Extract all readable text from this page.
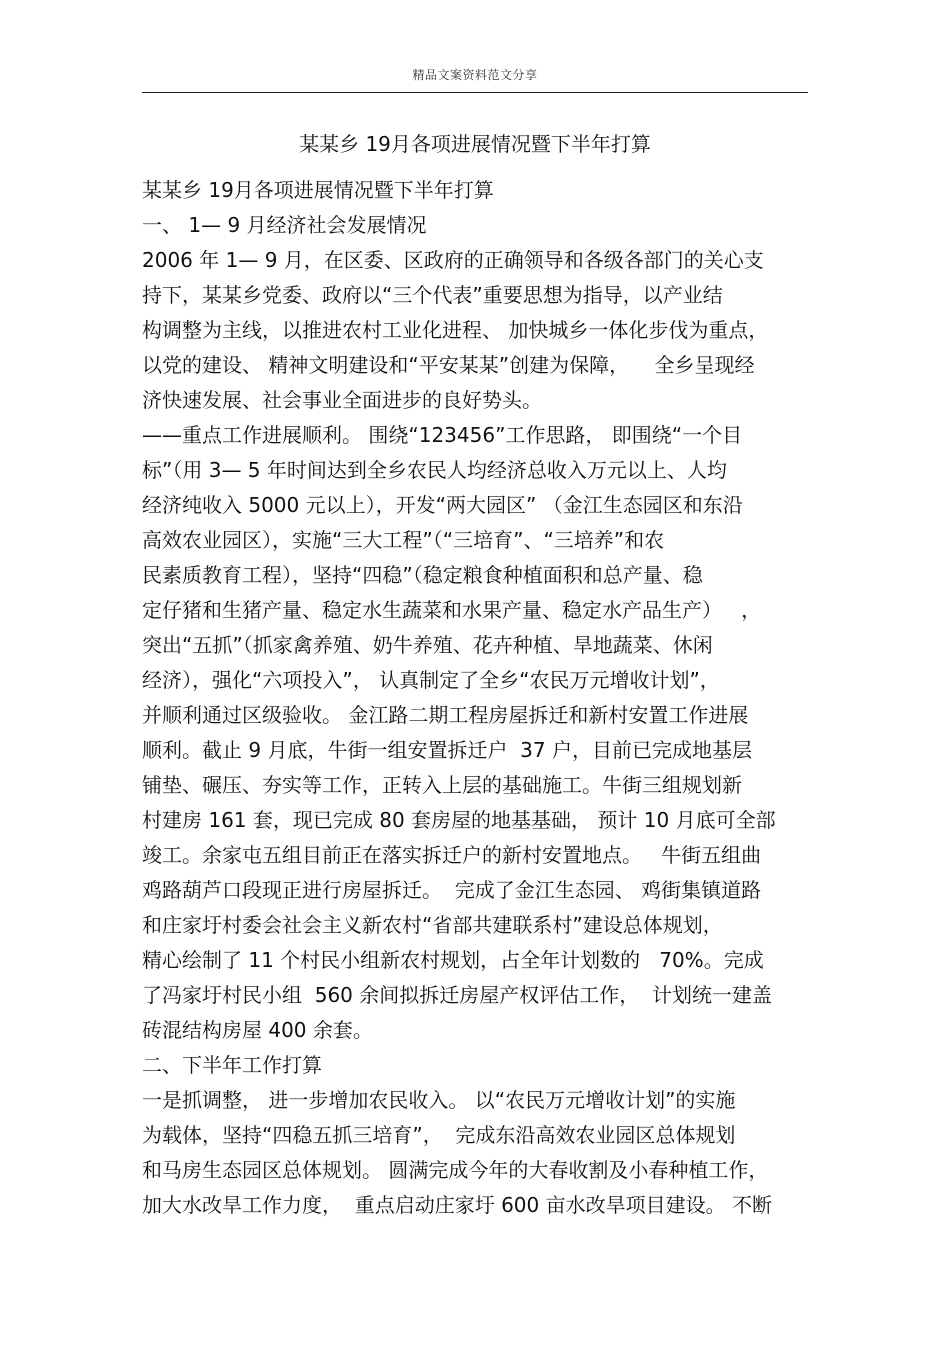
精品文案资料范文分享
某某乡 19月各项进展情况暨下半年打算
某某乡 19月各项进展情况暨下半年打算
一、 1— 9 月经济社会发展情况
2006 年 1— 9 月，在区委、区政府的正确领导和各级各部门的关心支
持下，某某乡党委、政府以“三个代表”重要思想为指导，以产业结
构调整为主线，以推进农村工业化进程、 加快城乡一体化步伐为重点，
以党的建设、 精神文明建设和“平安某某”创建为保障，    全乡呈现经
济快速发展、社会事业全面进步的良好势头。
——重点工作进展顺利。 围绕“123456”工作思路， 即围绕“一个目
标”（用 3— 5 年时间达到全乡农民人均经济总收入万元以上、人均
经济纯收入 5000 元以上），开发“两大园区” （金江生态园区和东沿
高效农业园区），实施“三大工程”（“三培育”、“三培养”和农
民素质教育工程），坚持“四稳”（稳定粮食种植面积和总产量、稳
定仔猪和生猪产量、稳定水生蔬菜和水果产量、稳定水产品生产）   ，
突出“五抓”（抓家禽养殖、奶牛养殖、花卉种植、旱地蔬菜、休闲
经济），强化“六项投入”， 认真制定了全乡“农民万元增收计划”，
并顺利通过区级验收。 金江路二期工程房屋拆迁和新村安置工作进展
顺利。截止 9 月底，牛街一组安置拆迁户  37 户，目前已完成地基层
铺垫、碾压、夯实等工作，正转入上层的基础施工。牛街三组规划新
村建房 161 套，现已完成 80 套房屋的地基基础， 预计 10 月底可全部
竣工。余家屯五组目前正在落实拆迁户的新村安置地点。   牛街五组曲
鸡路葫芦口段现正进行房屋拆迁。  完成了金江生态园、 鸡街集镇道路
和庄家圩村委会社会主义新农村“省部共建联系村”建设总体规划，
精心绘制了 11 个村民小组新农村规划，占全年计划数的   70%。完成
了冯家圩村民小组  560 余间拟拆迁房屋产权评估工作，  计划统一建盖
砖混结构房屋 400 余套。
二、下半年工作打算
一是抓调整， 进一步增加农民收入。 以“农民万元增收计划”的实施
为载体，坚持“四稳五抓三培育”，  完成东沿高效农业园区总体规划
和马房生态园区总体规划。 圆满完成今年的大春收割及小春种植工作，
加大水改旱工作力度，  重点启动庄家圩 600 亩水改旱项目建设。 不断
